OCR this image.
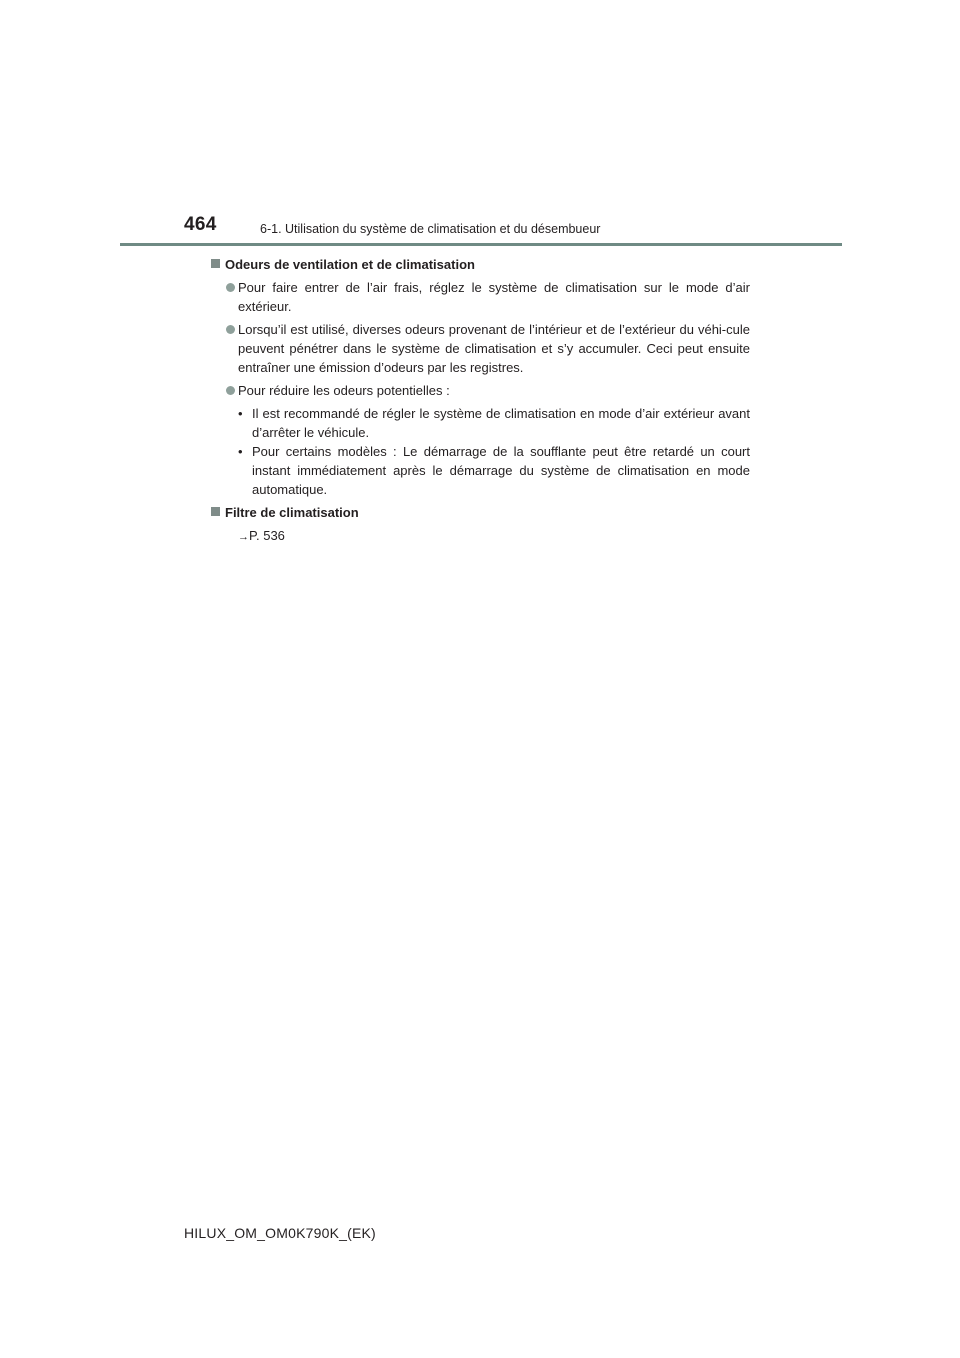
464	6-1. Utilisation du système de climatisation et du désembueur
Odeurs de ventilation et de climatisation
Pour faire entrer de l’air frais, réglez le système de climatisation sur le mode d’air extérieur.
Lorsqu’il est utilisé, diverses odeurs provenant de l’intérieur et de l’extérieur du véhi-cule peuvent pénétrer dans le système de climatisation et s’y accumuler. Ceci peut ensuite entraîner une émission d’odeurs par les registres.
Pour réduire les odeurs potentielles :
• Il est recommandé de régler le système de climatisation en mode d’air extérieur avant d’arrêter le véhicule.
• Pour certains modèles : Le démarrage de la soufflante peut être retardé un court instant immédiatement après le démarrage du système de climatisation en mode automatique.
Filtre de climatisation
→P. 536
HILUX_OM_OM0K790K_(EK)
